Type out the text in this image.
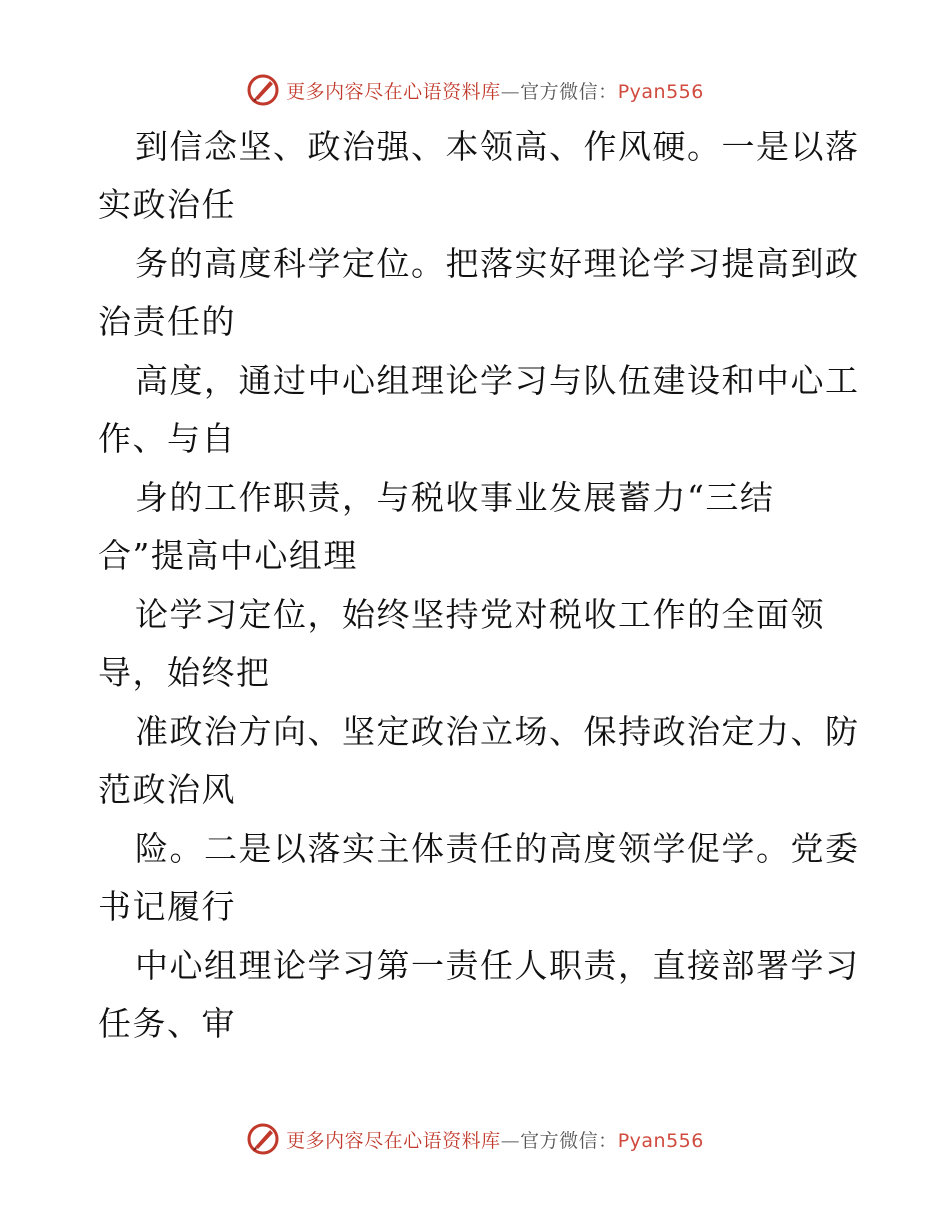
更多内容尽在心语资料库—官方微信：Pyan556
到信念坚、政治强、本领高、作风硬。一是以落
实政治任
务的高度科学定位。把落实好理论学习提高到政
治责任的
高度，通过中心组理论学习与队伍建设和中心工
作、与自
身的工作职责，与税收事业发展蓄力“三结
合”提高中心组理
论学习定位，始终坚持党对税收工作的全面领
导，始终把
准政治方向、坚定政治立场、保持政治定力、防
范政治风
险。二是以落实主体责任的高度领学促学。党委
书记履行
中心组理论学习第一责任人职责，直接部署学习
任务、审
更多内容尽在心语资料库—官方微信：Pyan556
